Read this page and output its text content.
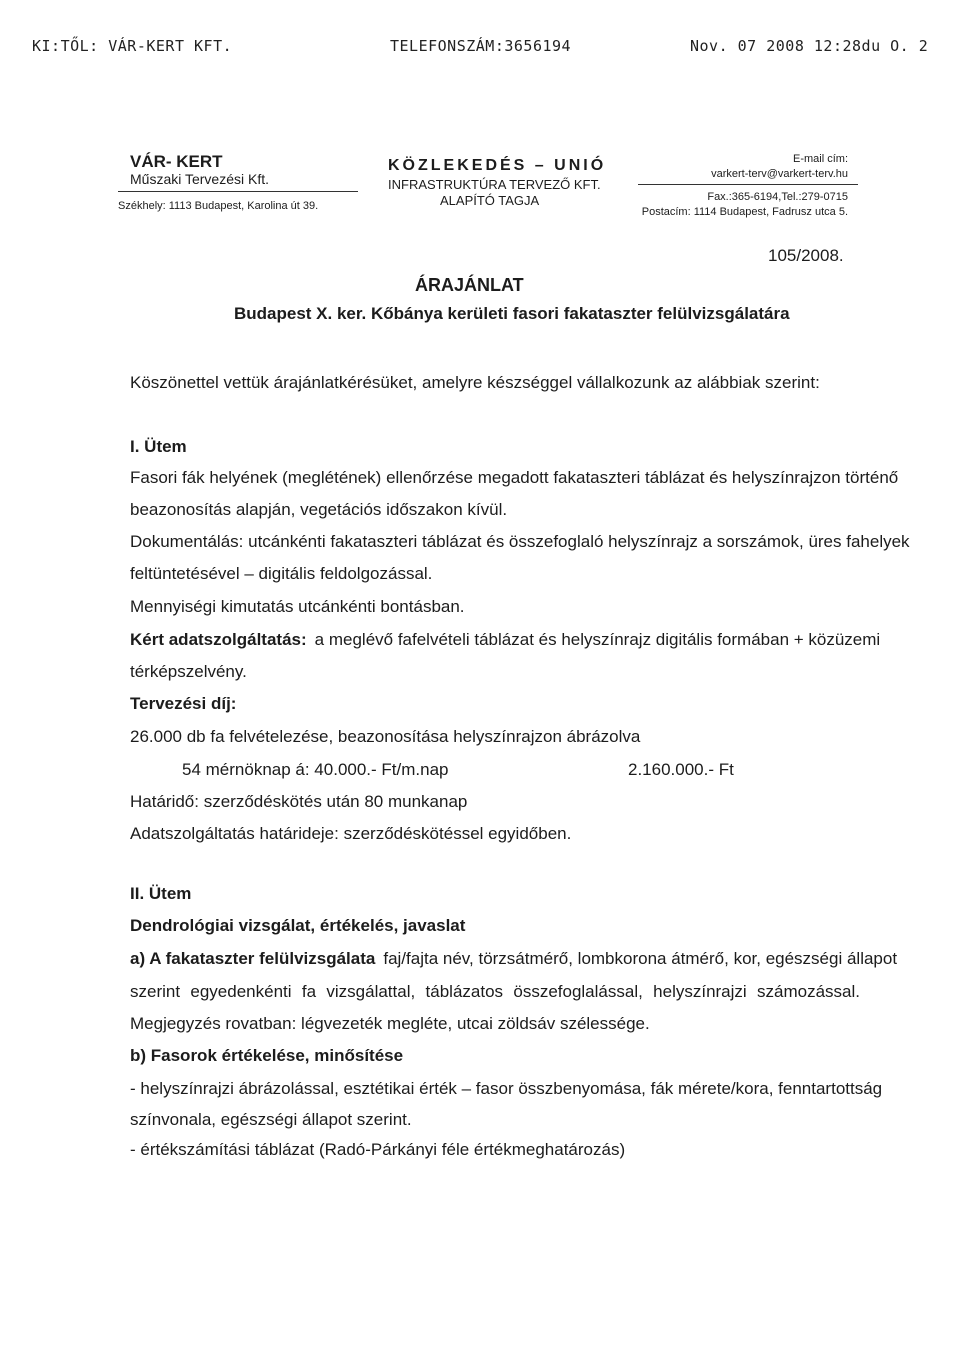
KI:TŐL: VÁR-KERT KFT.	TELEFONSZÁM:3656194	Nov. 07 2008 12:28du O. 2
VÁR- KERT
Műszaki Tervezési Kft.
Székhely: 1113 Budapest, Karolina út 39.
KÖZLEKEDÉS – UNIÓ
INFRASTRUKTÚRA TERVEZŐ KFT.
ALAPÍTÓ TAGJA
E-mail cím:
varkert-terv@varkert-terv.hu
Fax.:365-6194,Tel.:279-0715
Postacím: 1114 Budapest, Fadrusz utca 5.
105/2008.
ÁRAJÁNLAT
Budapest X. ker. Kőbánya kerületi fasori fakataszter felülvizsgálatára
Köszönettel vettük árajánlatkérésüket, amelyre készséggel vállalkozunk az alábbiak szerint:
I. Ütem
Fasori fák helyének (meglétének) ellenőrzése megadott fakataszteri táblázat és helyszínrajzon történő
beazonosítás alapján, vegetációs időszakon kívül.
Dokumentálás: utcánkénti fakataszteri táblázat és összefoglaló helyszínrajz a sorszámok, üres fahelyek
feltüntetésével – digitális feldolgozással.
Mennyiségi kimutatás utcánkénti bontásban.
Kért adatszolgáltatás: a meglévő fafelvételi táblázat és helyszínrajz digitális formában + közüzemi
térképszelvény.
Tervezési díj:
26.000 db fa felvételezése, beazonosítása helyszínrajzon ábrázolva
54 mérnöknap á: 40.000.- Ft/m.nap	2.160.000.- Ft
Határidő: szerződéskötés után 80 munkanap
Adatszolgáltatás határideje: szerződéskötéssel egyidőben.
II. Ütem
Dendrológiai vizsgálat, értékelés, javaslat
a) A fakataszter felülvizsgálata faj/fajta név, törzsátmérő, lombkorona átmérő, kor, egészségi állapot
szerint egyedenkénti fa vizsgálattal, táblázatos összefoglalással, helyszínrajzi számozással.
Megjegyzés rovatban: légvezeték megléte, utcai zöldsáv szélessége.
b) Fasorok értékelése, minősítése
- helyszínrajzi ábrázolással, esztétikai érték – fasor összbenyomása, fák mérete/kora, fenntartottság
színvonala, egészségi állapot szerint.
- értékszámítási táblázat (Radó-Párkányi féle értékmeghatározás)
